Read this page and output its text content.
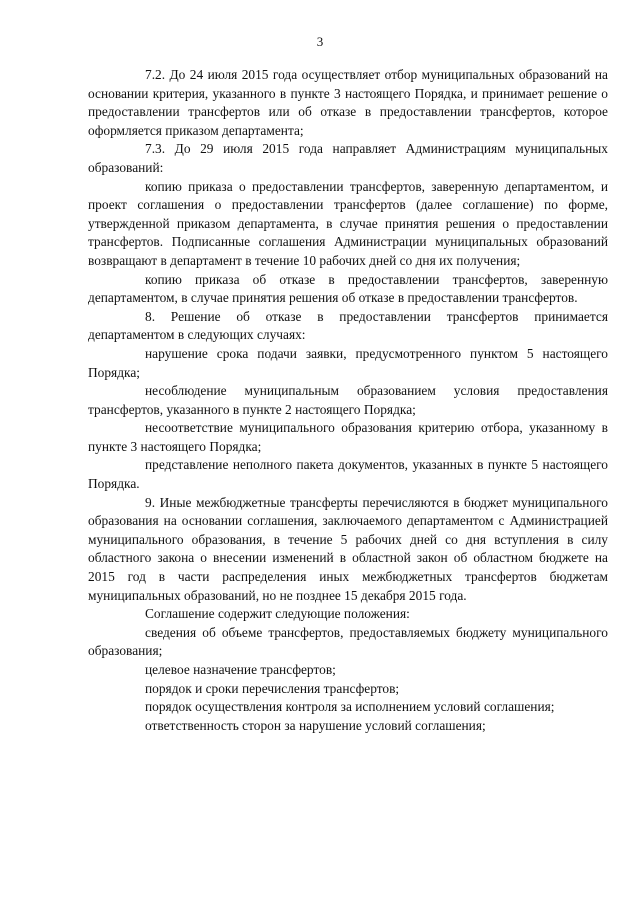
3

7.2. До 24 июля 2015 года осуществляет отбор муниципальных образований на основании критерия, указанного в пункте 3 настоящего Порядка, и принимает решение о предоставлении трансфертов или об отказе в предоставлении трансфертов, которое оформляется приказом департамента;

7.3. До 29 июля 2015 года направляет Администрациям муниципальных образований:

копию приказа о предоставлении трансфертов, заверенную департаментом, и проект соглашения о предоставлении трансфертов (далее соглашение) по форме, утвержденной приказом департамента, в случае принятия решения о предоставлении трансфертов. Подписанные соглашения Администрации муниципальных образований возвращают в департамент в течение 10 рабочих дней со дня их получения;

копию приказа об отказе в предоставлении трансфертов, заверенную департаментом, в случае принятия решения об отказе в предоставлении трансфертов.

8. Решение об отказе в предоставлении трансфертов принимается департаментом в следующих случаях:

нарушение срока подачи заявки, предусмотренного пунктом 5 настоящего Порядка;

несоблюдение муниципальным образованием условия предоставления трансфертов, указанного в пункте 2 настоящего Порядка;

несоответствие муниципального образования критерию отбора, указанному в пункте 3 настоящего Порядка;

представление неполного пакета документов, указанных в пункте 5 настоящего Порядка.

9. Иные межбюджетные трансферты перечисляются в бюджет муниципального образования на основании соглашения, заключаемого департаментом с Администрацией муниципального образования, в течение 5 рабочих дней со дня вступления в силу областного закона о внесении изменений в областной закон об областном бюджете на 2015 год в части распределения иных межбюджетных трансфертов бюджетам муниципальных образований, но не позднее 15 декабря 2015 года.

Соглашение содержит следующие положения:

сведения об объеме трансфертов, предоставляемых бюджету муниципального образования;

целевое назначение трансфертов;

порядок и сроки перечисления трансфертов;

порядок осуществления контроля за исполнением условий соглашения;

ответственность сторон за нарушение условий соглашения;
